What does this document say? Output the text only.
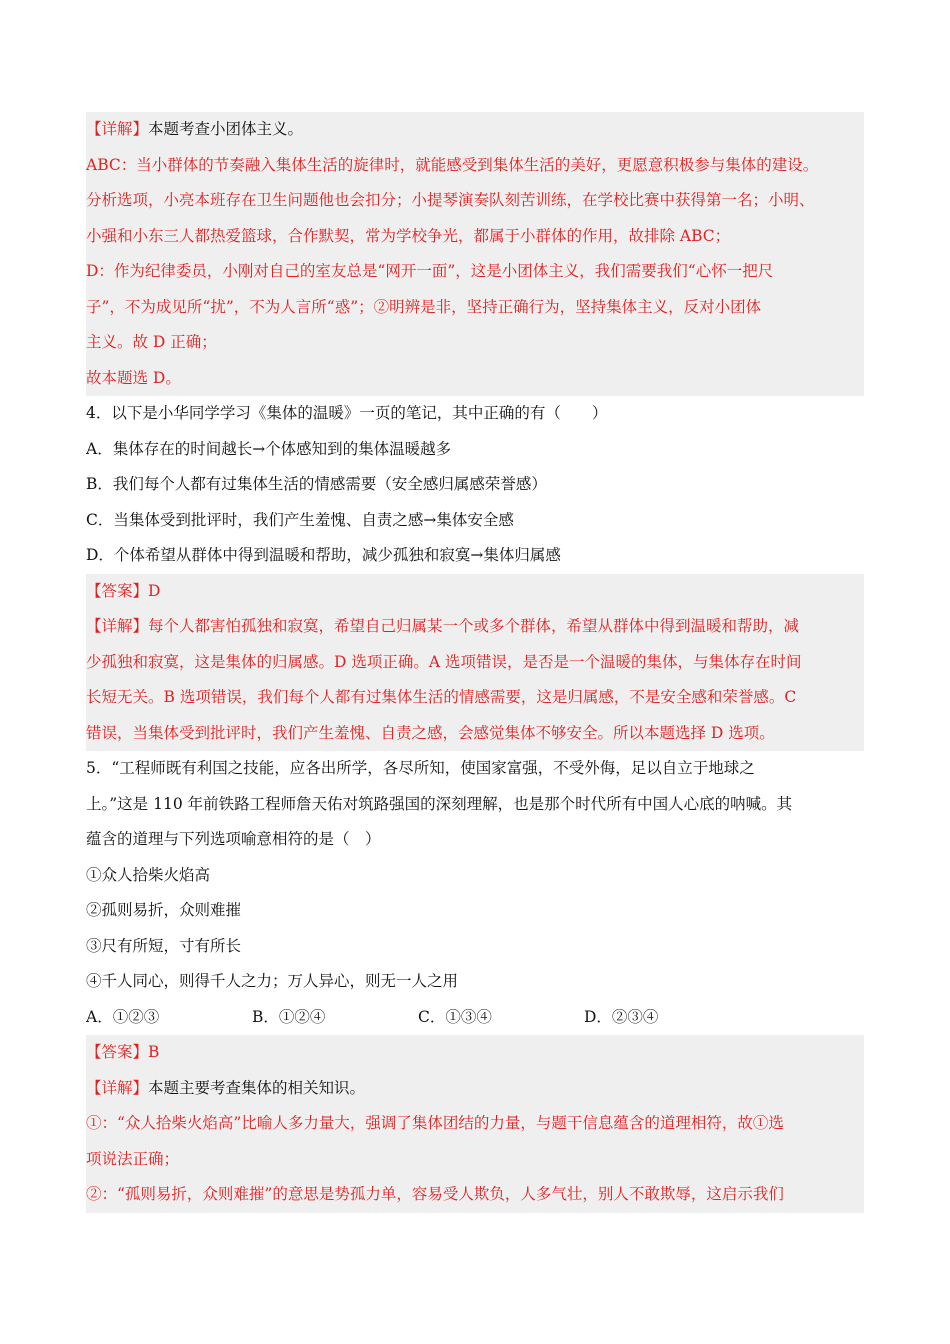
【详解】本题考查小团体主义。
ABC：当小群体的节奏融入集体生活的旋律时，就能感受到集体生活的美好，更愿意积极参与集体的建设。
分析选项，小亮本班存在卫生问题他也会扣分；小提琴演奏队刻苦训练，在学校比赛中获得第一名；小明、
小强和小东三人都热爱篮球，合作默契，常为学校争光，都属于小群体的作用，故排除 ABC；
D：作为纪律委员，小刚对自己的室友总是“网开一面”，这是小团体主义，我们需要我们“心怀一把尺
子”，不为成见所“扰”，不为人言所“惑”；②明辨是非，坚持正确行为，坚持集体主义，反对小团体
主义。故 D 正确；
故本题选 D。
4．以下是小华同学学习《集体的温暖》一页的笔记，其中正确的有（　　）
A．集体存在的时间越长→个体感知到的集体温暖越多
B．我们每个人都有过集体生活的情感需要（安全感归属感荣誉感）
C．当集体受到批评时，我们产生羞愧、自责之感→集体安全感
D．个体希望从群体中得到温暖和帮助，减少孤独和寂寞→集体归属感
【答案】D
【详解】每个人都害怕孤独和寂寞，希望自己归属某一个或多个群体，希望从群体中得到温暖和帮助，减
少孤独和寂寞，这是集体的归属感。D 选项正确。A 选项错误，是否是一个温暖的集体，与集体存在时间
长短无关。B 选项错误，我们每个人都有过集体生活的情感需要，这是归属感，不是安全感和荣誉感。C
错误，当集体受到批评时，我们产生羞愧、自责之感，会感觉集体不够安全。所以本题选择 D 选项。
5．“工程师既有利国之技能，应各出所学，各尽所知，使国家富强，不受外侮，足以自立于地球之
上。”这是 110 年前铁路工程师詹天佑对筑路强国的深刻理解，也是那个时代所有中国人心底的呐喊。其
蕴含的道理与下列选项喻意相符的是（　）
①众人拾柴火焰高
②孤则易折，众则难摧
③尺有所短，寸有所长
④千人同心，则得千人之力；万人异心，则无一人之用
A．①②③	B．①②④	C．①③④	D．②③④
【答案】B
【详解】本题主要考查集体的相关知识。
①：“众人拾柴火焰高”比喻人多力量大，强调了集体团结的力量，与题干信息蕴含的道理相符，故①选
项说法正确；
②：“孤则易折，众则难摧”的意思是势孤力单，容易受人欺负，人多气壮，别人不敢欺辱，这启示我们
